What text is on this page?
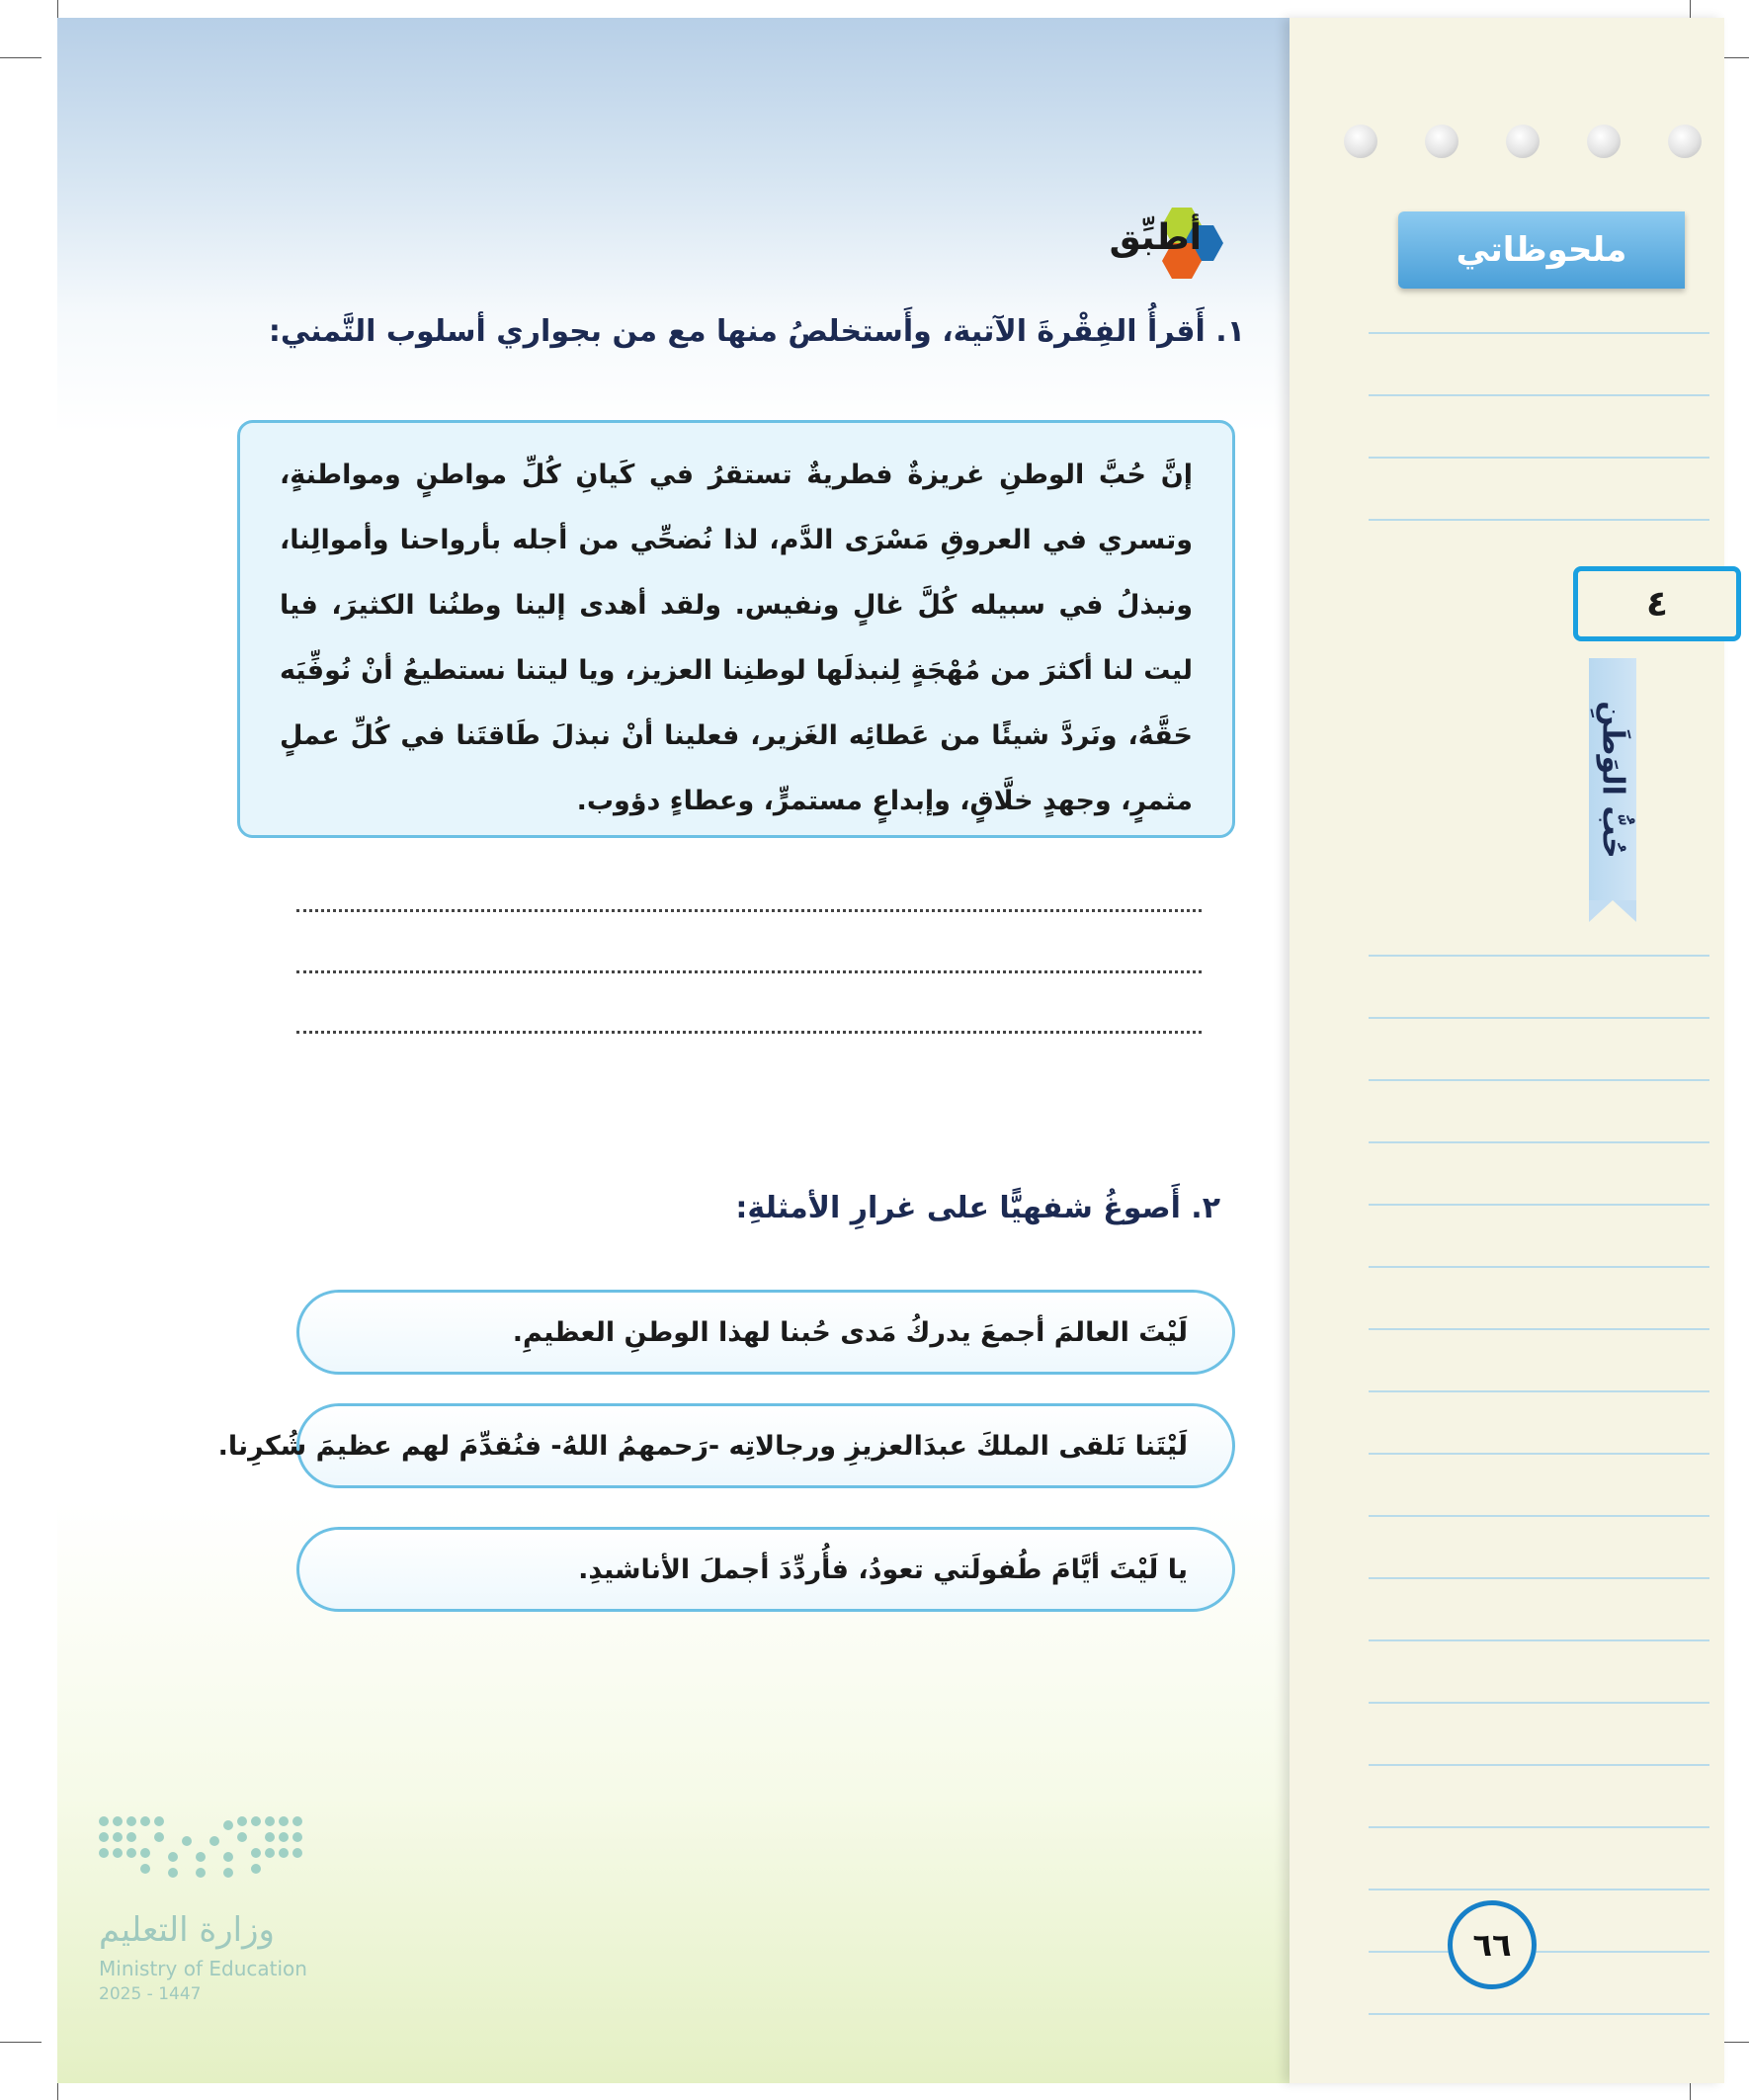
ملحوظاتي
٤
حُبُّ الوَطَنِ
٦٦
أطبِّق
١. أَقرأُ الفِقْرةَ الآتية، وأَستخلصُ منها مع من بجواري أسلوب التَّمني:

إنَّ حُبَّ الوطنِ غريزةٌ فطريةٌ تستقرُ في كَيانِ كُلِّ مواطنٍ ومواطنةٍ، وتسري في العروقِ مَسْرَى الدَّم، لذا نُضحِّي من أجله بأرواحنا وأموالِنا، ونبذلُ في سبيله كُلَّ غالٍ ونفيس. ولقد أهدى إلينا وطنُنا الكثيرَ، فيا ليت لنا أكثرَ من مُهْجَةٍ لِنبذلَها لوطنِنا العزيز، ويا ليتنا نستطيعُ أنْ نُوفِّيَه حَقَّهُ، ونَردَّ شيئًا من عَطائِه الغَزير، فعلينا أنْ نبذلَ طَاقتَنا في كُلِّ عملٍ مثمرٍ، وجهدٍ خلَّاقٍ، وإبداعٍ مستمرٍّ، وعطاءٍ دؤوب.

٢. أَصوغُ شفهيًّا على غرارِ الأمثلةِ:
لَيْتَ العالمَ أجمعَ يدركُ مَدى حُبنا لهذا الوطنِ العظيمِ.
لَيْتَنا نَلقى الملكَ عبدَالعزيزِ ورجالاتِه -رَحمهمُ اللهُ- فنُقدِّمَ لهم عظيمَ شُكرِنا.
يا لَيْتَ أيَّامَ طُفولَتي تعودُ، فأُردِّدَ أجملَ الأناشيدِ.
وزارة التعليم
Ministry of Education
2025 - 1447
